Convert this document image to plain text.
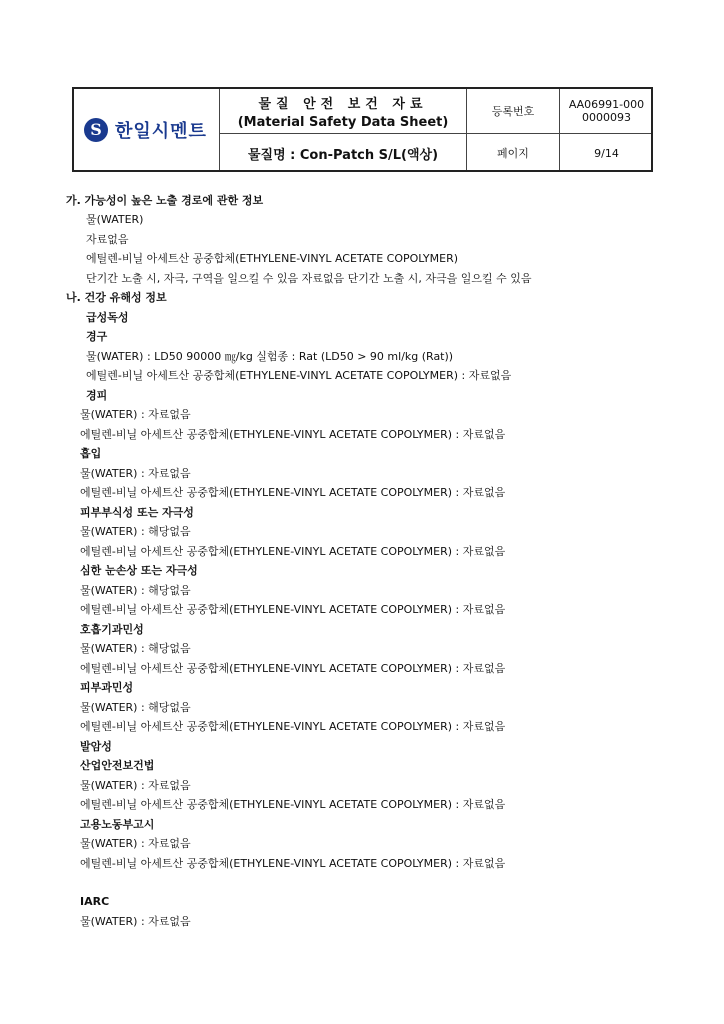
S 한일시멘트
물질 안전 보건 자료
(Material Safety Data Sheet)
물질명 : Con-Patch S/L(액상)
등록번호
AA06991-000
0000093
페이지	9/14
가. 가능성이 높은 노출 경로에 관한 정보
물(WATER)
자료없음
에틸렌-비닐 아세트산 공중합체(ETHYLENE-VINYL ACETATE COPOLYMER)
단기간 노출 시, 자극, 구역을 일으킬 수 있음 자료없음 단기간 노출 시, 자극을 일으킬 수 있음
나. 건강 유해성 정보
급성독성
경구
물(WATER) : LD50 90000 ㎎/kg 실험종 : Rat (LD50 > 90 ml/kg (Rat))
에틸렌-비닐 아세트산 공중합체(ETHYLENE-VINYL ACETATE COPOLYMER) : 자료없음
경피
물(WATER) : 자료없음
에틸렌-비닐 아세트산 공중합체(ETHYLENE-VINYL ACETATE COPOLYMER) : 자료없음
흡입
물(WATER) : 자료없음
에틸렌-비닐 아세트산 공중합체(ETHYLENE-VINYL ACETATE COPOLYMER) : 자료없음
피부부식성 또는 자극성
물(WATER) : 해당없음
에틸렌-비닐 아세트산 공중합체(ETHYLENE-VINYL ACETATE COPOLYMER) : 자료없음
심한 눈손상 또는 자극성
물(WATER) : 해당없음
에틸렌-비닐 아세트산 공중합체(ETHYLENE-VINYL ACETATE COPOLYMER) : 자료없음
호흡기과민성
물(WATER) : 해당없음
에틸렌-비닐 아세트산 공중합체(ETHYLENE-VINYL ACETATE COPOLYMER) : 자료없음
피부과민성
물(WATER) : 해당없음
에틸렌-비닐 아세트산 공중합체(ETHYLENE-VINYL ACETATE COPOLYMER) : 자료없음
발암성
산업안전보건법
물(WATER) : 자료없음
에틸렌-비닐 아세트산 공중합체(ETHYLENE-VINYL ACETATE COPOLYMER) : 자료없음
고용노동부고시
물(WATER) : 자료없음
에틸렌-비닐 아세트산 공중합체(ETHYLENE-VINYL ACETATE COPOLYMER) : 자료없음
IARC
물(WATER) : 자료없음
